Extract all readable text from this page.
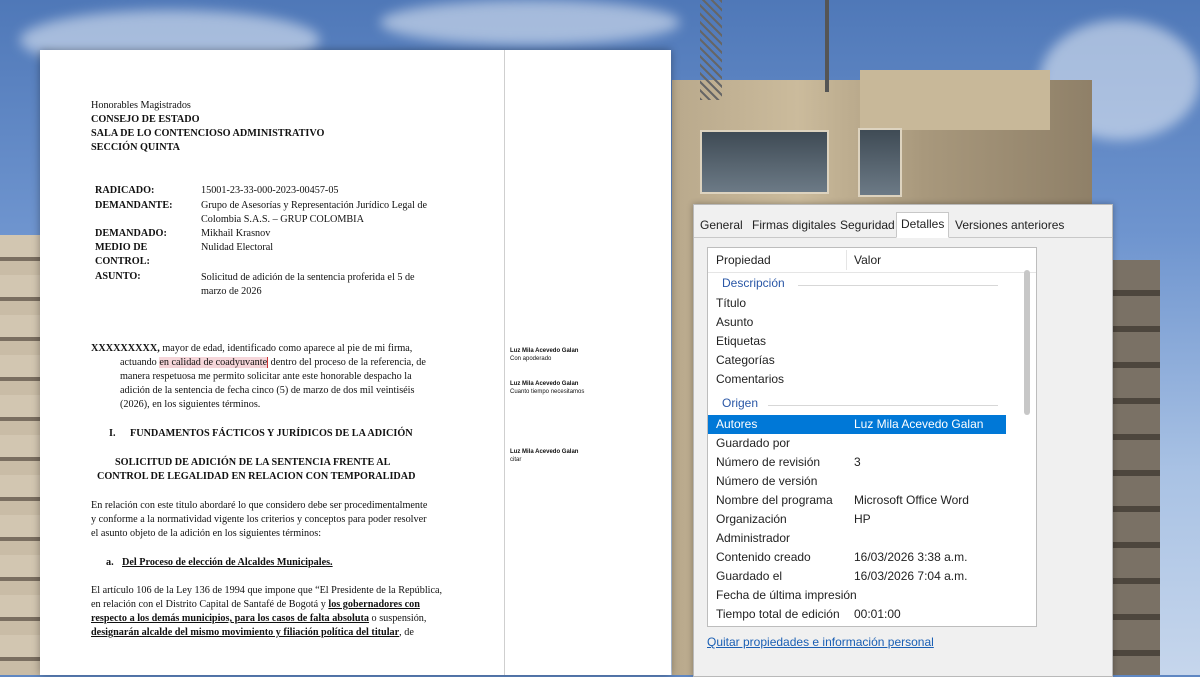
Honorables Magistrados
CONSEJO DE ESTADO
SALA DE LO CONTENCIOSO ADMINISTRATIVO
SECCIÓN QUINTA
RADICADO:	15001-23-33-000-2023-00457-05
DEMANDANTE:	Grupo de Asesorías y Representación Jurídico Legal de
Colombia S.A.S. – GRUP COLOMBIA
DEMANDADO:	Mikhail Krasnov
MEDIO DE
CONTROL:
Nulidad Electoral
ASUNTO:	Solicitud de adición de la sentencia proferida el 5 de
marzo de 2026
XXXXXXXXX, mayor de edad, identificado como aparece al pie de mi firma,
actuando en calidad de coadyuvante dentro del proceso de la referencia, de
manera respetuosa me permito solicitar ante este honorable despacho la
adición de la sentencia de fecha cinco (5) de marzo de dos mil veintiséis
(2026), en los siguientes términos.
I. FUNDAMENTOS FÁCTICOS Y JURÍDICOS DE LA ADICIÓN
SOLICITUD DE ADICIÓN DE LA SENTENCIA FRENTE AL
CONTROL DE LEGALIDAD EN RELACION CON TEMPORALIDAD
En relación con este titulo abordaré lo que considero debe ser procedimentalmente
y conforme a la normatividad vigente los criterios y conceptos para poder resolver
el asunto objeto de la adición en los siguientes términos:
a. Del Proceso de elección de Alcaldes Municipales.
El artículo 106 de la Ley 136 de 1994 que impone que “El Presidente de la República,
en relación con el Distrito Capital de Santafé de Bogotá y los gobernadores con
respecto a los demás municipios, para los casos de falta absoluta o suspensión,
designarán alcalde del mismo movimiento y filiación política del titular, de
Luz Mila Acevedo Galan
Con apoderado
Luz Mila Acevedo Galan
Cuanto tiempo necesitamos
Luz Mila Acevedo Galan
citar
General Firmas digitales Seguridad Detalles Versiones anteriores
Propiedad	Valor
Descripción
Título
Asunto
Etiquetas
Categorías
Comentarios
Origen
Autores	Luz Mila Acevedo Galan
Guardado por
Número de revisión	3
Número de versión
Nombre del programa Microsoft Office Word
Organización	HP
Administrador
Contenido creado	16/03/2026 3:38 a.m.
Guardado el	16/03/2026 7:04 a.m.
Fecha de última impresión
Tiempo total de edición 00:01:00
Quitar propiedades e información personal
